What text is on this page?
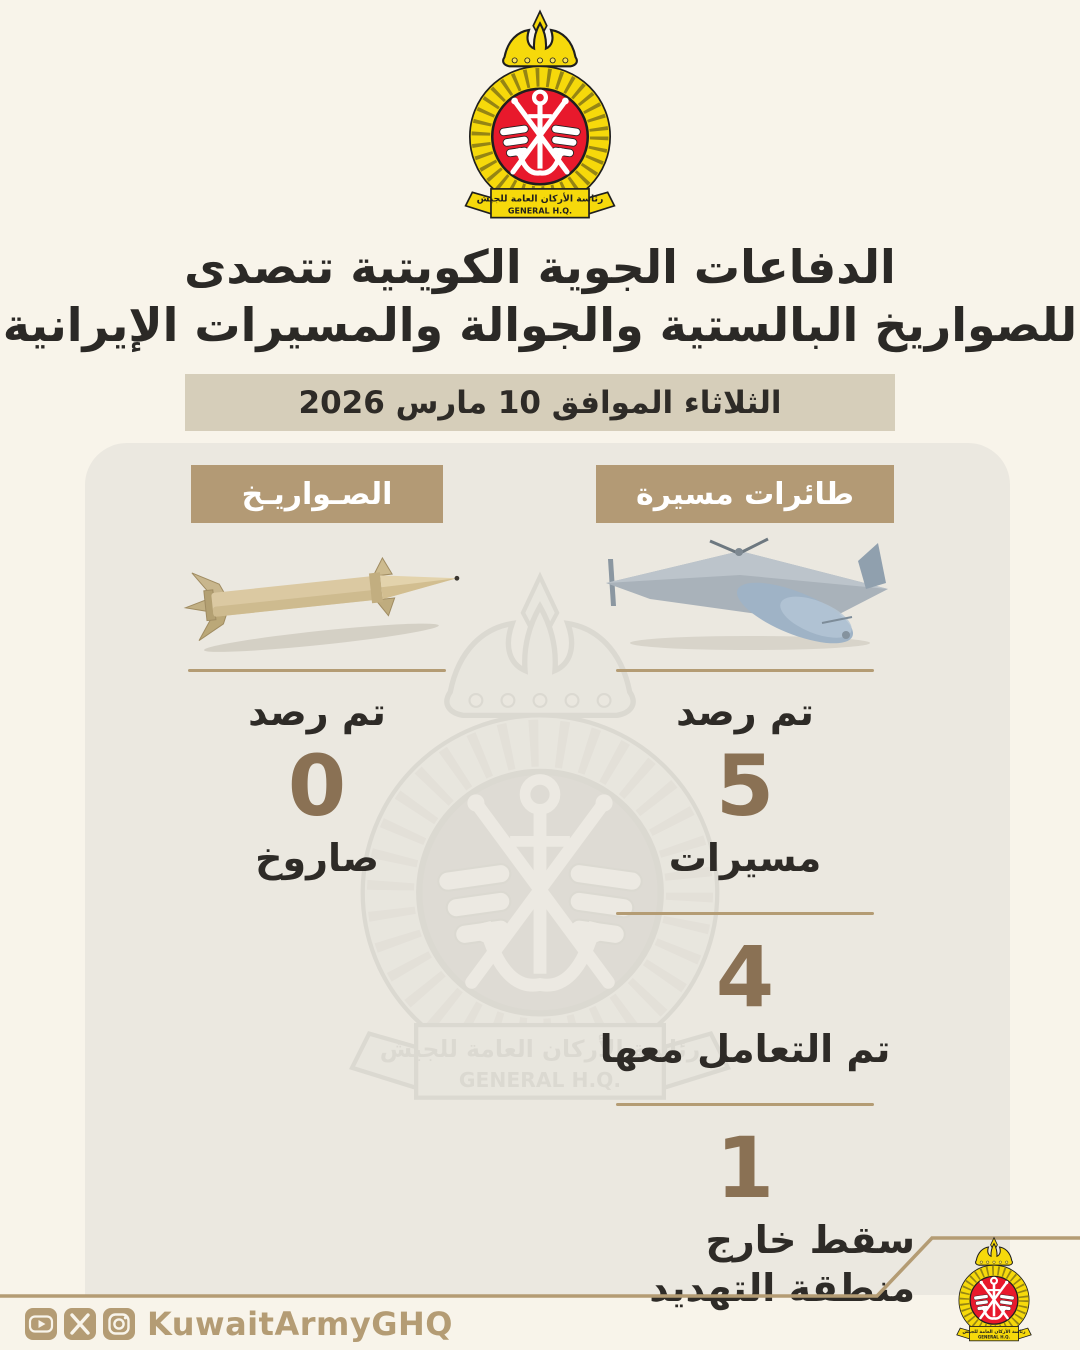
الدفاعات الجوية الكويتية تتصدى
للصواريخ البالستية والجوالة والمسيرات الإيرانية
الثلاثاء الموافق 10 مارس 2026
الصـواريـخ
تم رصد
0
صاروخ
طائرات مسيرة
تم رصد
5
مسيرات
4
تم التعامل معها
1
سقط خارج منطقة التهديد
KuwaitArmyGHQ
